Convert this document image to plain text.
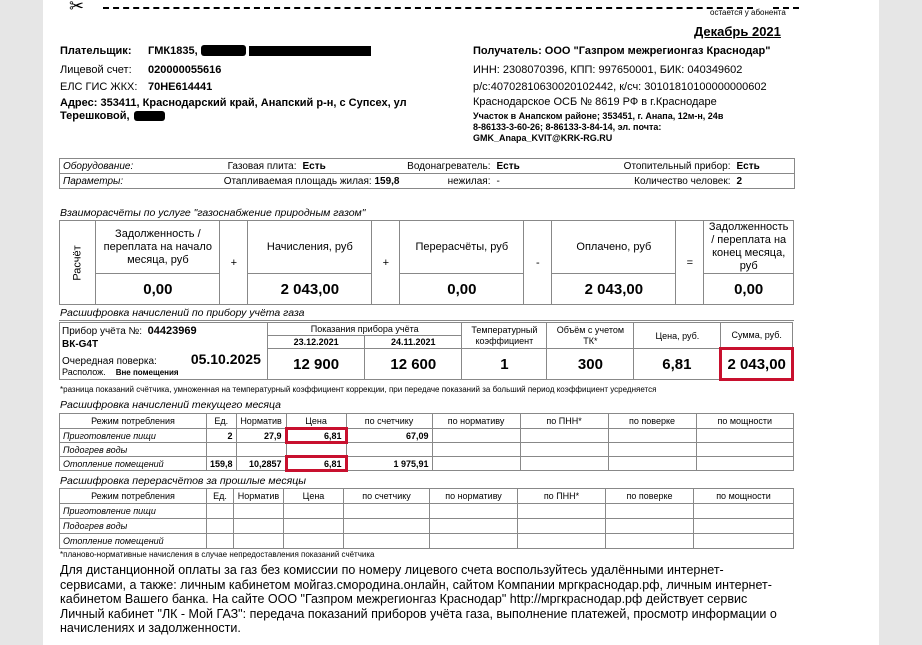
✂	остается у абонента
Декабрь 2021
Плательщик: ГМК1835,
Лицевой счет: 020000055616
ЕЛС ГИС ЖКХ: 70НЕ614441
Адрес: 353411, Краснодарский край, Анапский р-н, с Супсех, ул
Терешковой,
Получатель: ООО "Газпром межрегионгаз Краснодар"
ИНН: 2308070396, КПП: 997650001, БИК: 040349602
р/с:40702810630020102442, к/сч: 30101810100000000602
Краснодарское ОСБ № 8619 РФ в г.Краснодаре
Участок в Анапском районе; 353451, г. Анапа, 12м-н, 24в
8-86133-3-60-26; 8-86133-3-84-14, эл. почта:
GMK_Anapa_KVIT@KRK-RG.RU
Оборудование:	Газовая плита:	Есть	Водонагреватель:	Есть	Отопительный прибор:	Есть
Параметры:	Отапливаемая площадь жилая: 159,8		нежилая:	-	Количество человек:	2
Взаиморасчёты по услуге "газоснабжение природным газом"
Расчёт	Задолженность / переплата на начало месяца, руб	+	Начисления, руб	+	Перерасчёты, руб	-	Оплачено, руб	=	Задолженность / переплата на конец месяца, руб
	0,00		2 043,00		0,00		2 043,00		0,00
Расшифровка начислений по прибору учёта газа
Прибор учёта №: 04423969
ВК-G4T
Очередная поверка: 05.10.2025
Располож. Вне помещения	Показания прибора учёта		Температурный коэффициент	Объём с учетом ТК*	Цена, руб.	Сумма, руб.
	23.12.2021	24.11.2021				
	12 900	12 600	1	300	6,81	2 043,00
*разница показаний счётчика, умноженная на температурный коэффициент коррекции, при передаче показаний за больший период коэффициент усредняется
Расшифровка начислений текущего месяца
Режим потребления	Ед.	Норматив	Цена	по счетчику	по нормативу	по ПНН*	по поверке	по мощности
Приготовление пищи	2	27,9	6,81	67,09				
Подогрев воды								
Отопление помещений	159,8	10,2857	6,81	1 975,91				
Расшифровка перерасчётов за прошлые месяцы
Режим потребления	Ед.	Норматив	Цена	по счетчику	по нормативу	по ПНН*	по поверке	по мощности
Приготовление пищи								
Подогрев воды								
Отопление помещений								
*планово-нормативные начисления в случае непредоставления показаний счётчика
Для дистанционной оплаты за газ без комиссии по номеру лицевого счета воспользуйтесь удалёнными интернет-сервисами, а также: личным кабинетом мойгаз.смородина.онлайн, сайтом Компании мргкраснодар.рф, личным интернет-кабинетом Вашего банка. На сайте ООО "Газпром межрегионгаз Краснодар" http://мргкраснодар.рф действует сервис Личный кабинет "ЛК - Мой ГАЗ": передача показаний приборов учёта газа, выполнение платежей, просмотр информации о начислениях и задолженности.
